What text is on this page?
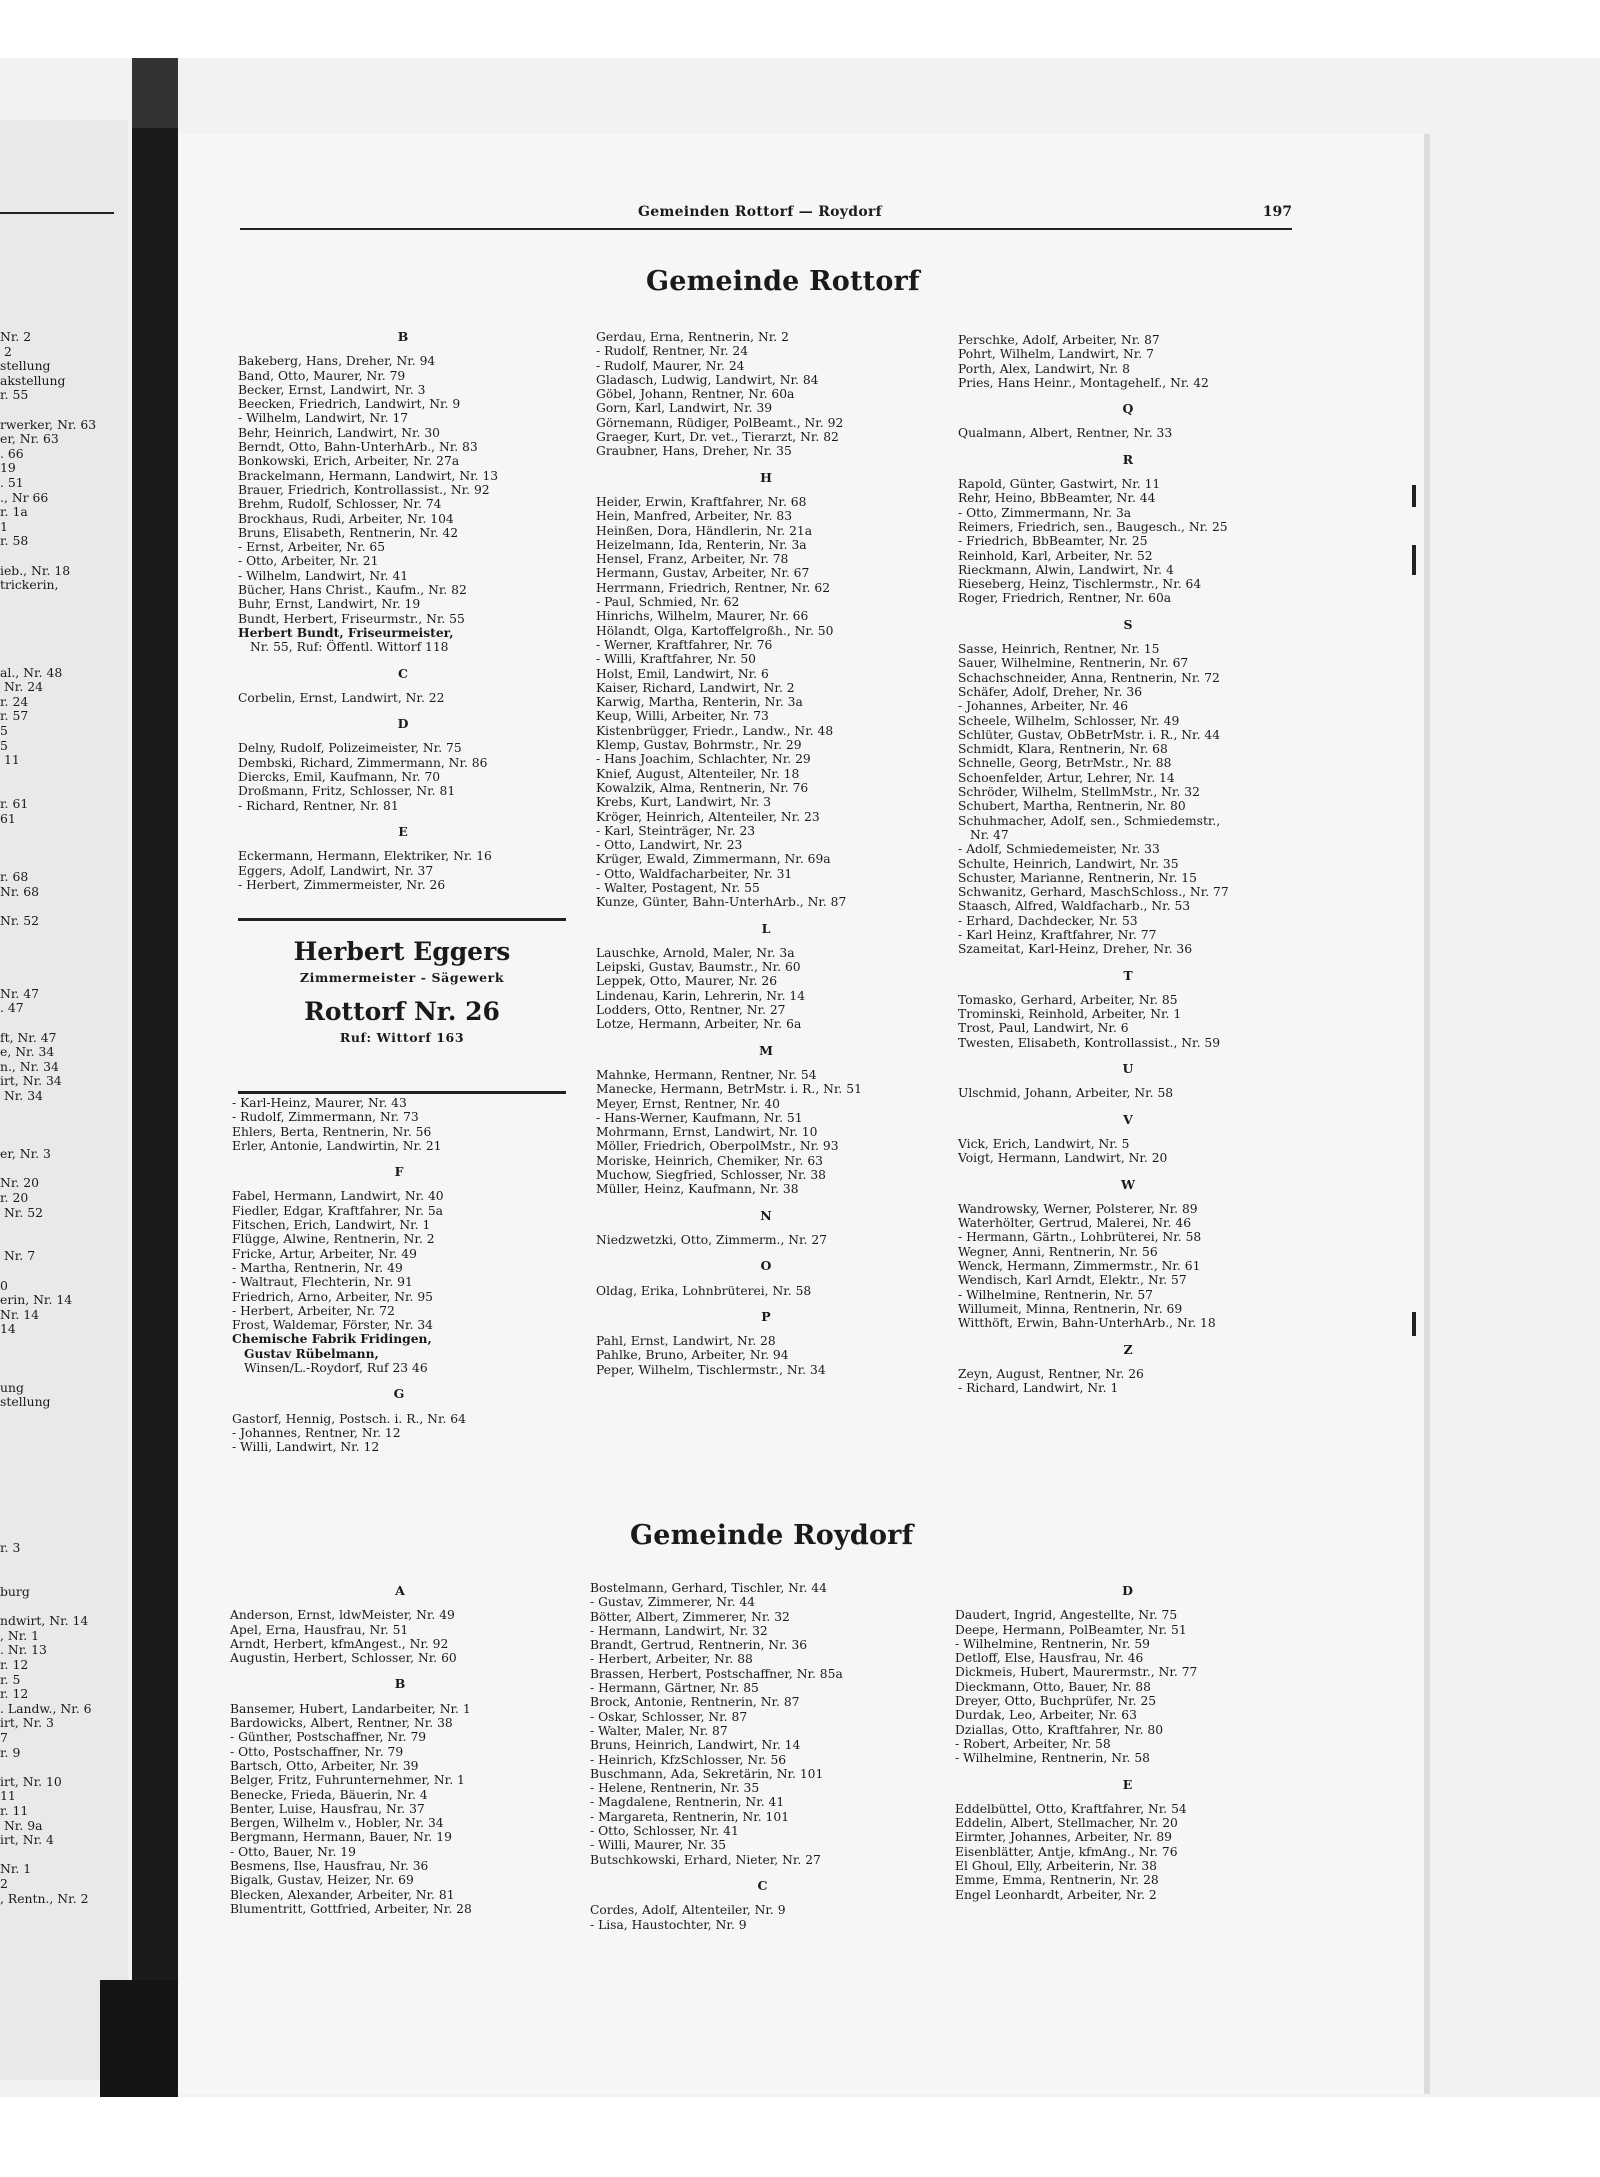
Nr. 2
2
stellung
akstellung
r. 55

rwerker, Nr. 63
er, Nr. 63
. 66
19
. 51
., Nr 66
r. 1a
1
r. 58

ieb., Nr. 18
trickerin,

al., Nr. 48
Nr. 24
r. 24
r. 57
5
5
11

r. 61
61

r. 68
Nr. 68

Nr. 52

Nr. 47
. 47

ft, Nr. 47
e, Nr. 34
n., Nr. 34
irt, Nr. 34
Nr. 34

er, Nr. 3

Nr. 20
r. 20
Nr. 52

Nr. 7

0
erin, Nr. 14
Nr. 14
14

ung
stellung

r. 3

burg

ndwirt, Nr. 14
, Nr. 1
. Nr. 13
r. 12
r. 5
r. 12
. Landw., Nr. 6
irt, Nr. 3
7
r. 9

irt, Nr. 10
11
r. 11
Nr. 9a
irt, Nr. 4

Nr. 1
2
, Rentn., Nr. 2
Gemeinden Rottorf — Roydorf	197
Gemeinde Rottorf
B
Bakeberg, Hans, Dreher, Nr. 94
Band, Otto, Maurer, Nr. 79
Becker, Ernst, Landwirt, Nr. 3
Beecken, Friedrich, Landwirt, Nr. 9
- Wilhelm, Landwirt, Nr. 17
Behr, Heinrich, Landwirt, Nr. 30
Berndt, Otto, Bahn-UnterhArb., Nr. 83
Bonkowski, Erich, Arbeiter, Nr. 27a
Brackelmann, Hermann, Landwirt, Nr. 13
Brauer, Friedrich, Kontrollassist., Nr. 92
Brehm, Rudolf, Schlosser, Nr. 74
Brockhaus, Rudi, Arbeiter, Nr. 104
Bruns, Elisabeth, Rentnerin, Nr. 42
- Ernst, Arbeiter, Nr. 65
- Otto, Arbeiter, Nr. 21
- Wilhelm, Landwirt, Nr. 41
Bücher, Hans Christ., Kaufm., Nr. 82
Buhr, Ernst, Landwirt, Nr. 19
Bundt, Herbert, Friseurmstr., Nr. 55
Herbert Bundt, Friseurmeister,
Nr. 55, Ruf: Öffentl. Wittorf 118
C
Corbelin, Ernst, Landwirt, Nr. 22
D
Delny, Rudolf, Polizeimeister, Nr. 75
Dembski, Richard, Zimmermann, Nr. 86
Diercks, Emil, Kaufmann, Nr. 70
Droßmann, Fritz, Schlosser, Nr. 81
- Richard, Rentner, Nr. 81
E
Eckermann, Hermann, Elektriker, Nr. 16
Eggers, Adolf, Landwirt, Nr. 37
- Herbert, Zimmermeister, Nr. 26
Herbert Eggers
Zimmermeister - Sägewerk
Rottorf Nr. 26
Ruf: Wittorf 163
- Karl-Heinz, Maurer, Nr. 43
- Rudolf, Zimmermann, Nr. 73
Ehlers, Berta, Rentnerin, Nr. 56
Erler, Antonie, Landwirtin, Nr. 21
F
Fabel, Hermann, Landwirt, Nr. 40
Fiedler, Edgar, Kraftfahrer, Nr. 5a
Fitschen, Erich, Landwirt, Nr. 1
Flügge, Alwine, Rentnerin, Nr. 2
Fricke, Artur, Arbeiter, Nr. 49
- Martha, Rentnerin, Nr. 49
- Waltraut, Flechterin, Nr. 91
Friedrich, Arno, Arbeiter, Nr. 95
- Herbert, Arbeiter, Nr. 72
Frost, Waldemar, Förster, Nr. 34
Chemische Fabrik Fridingen,
Gustav Rübelmann,
Winsen/L.-Roydorf, Ruf 23 46
G
Gastorf, Hennig, Postsch. i. R., Nr. 64
- Johannes, Rentner, Nr. 12
- Willi, Landwirt, Nr. 12
Gerdau, Erna, Rentnerin, Nr. 2
- Rudolf, Rentner, Nr. 24
- Rudolf, Maurer, Nr. 24
Gladasch, Ludwig, Landwirt, Nr. 84
Göbel, Johann, Rentner, Nr. 60a
Gorn, Karl, Landwirt, Nr. 39
Görnemann, Rüdiger, PolBeamt., Nr. 92
Graeger, Kurt, Dr. vet., Tierarzt, Nr. 82
Graubner, Hans, Dreher, Nr. 35
H
Heider, Erwin, Kraftfahrer, Nr. 68
Hein, Manfred, Arbeiter, Nr. 83
Heinßen, Dora, Händlerin, Nr. 21a
Heizelmann, Ida, Renterin, Nr. 3a
Hensel, Franz, Arbeiter, Nr. 78
Hermann, Gustav, Arbeiter, Nr. 67
Herrmann, Friedrich, Rentner, Nr. 62
- Paul, Schmied, Nr. 62
Hinrichs, Wilhelm, Maurer, Nr. 66
Hölandt, Olga, Kartoffelgroßh., Nr. 50
- Werner, Kraftfahrer, Nr. 76
- Willi, Kraftfahrer, Nr. 50
Holst, Emil, Landwirt, Nr. 6
Kaiser, Richard, Landwirt, Nr. 2
Karwig, Martha, Renterin, Nr. 3a
Keup, Willi, Arbeiter, Nr. 73
Kistenbrügger, Friedr., Landw., Nr. 48
Klemp, Gustav, Bohrmstr., Nr. 29
- Hans Joachim, Schlachter, Nr. 29
Knief, August, Altenteiler, Nr. 18
Kowalzik, Alma, Rentnerin, Nr. 76
Krebs, Kurt, Landwirt, Nr. 3
Kröger, Heinrich, Altenteiler, Nr. 23
- Karl, Steinträger, Nr. 23
- Otto, Landwirt, Nr. 23
Krüger, Ewald, Zimmermann, Nr. 69a
- Otto, Waldfacharbeiter, Nr. 31
- Walter, Postagent, Nr. 55
Kunze, Günter, Bahn-UnterhArb., Nr. 87
L
Lauschke, Arnold, Maler, Nr. 3a
Leipski, Gustav, Baumstr., Nr. 60
Leppek, Otto, Maurer, Nr. 26
Lindenau, Karin, Lehrerin, Nr. 14
Lodders, Otto, Rentner, Nr. 27
Lotze, Hermann, Arbeiter, Nr. 6a
M
Mahnke, Hermann, Rentner, Nr. 54
Manecke, Hermann, BetrMstr. i. R., Nr. 51
Meyer, Ernst, Rentner, Nr. 40
- Hans-Werner, Kaufmann, Nr. 51
Mohrmann, Ernst, Landwirt, Nr. 10
Möller, Friedrich, OberpolMstr., Nr. 93
Moriske, Heinrich, Chemiker, Nr. 63
Muchow, Siegfried, Schlosser, Nr. 38
Müller, Heinz, Kaufmann, Nr. 38
N
Niedzwetzki, Otto, Zimmerm., Nr. 27
O
Oldag, Erika, Lohnbrüterei, Nr. 58
P
Pahl, Ernst, Landwirt, Nr. 28
Pahlke, Bruno, Arbeiter, Nr. 94
Peper, Wilhelm, Tischlermstr., Nr. 34
Perschke, Adolf, Arbeiter, Nr. 87
Pohrt, Wilhelm, Landwirt, Nr. 7
Porth, Alex, Landwirt, Nr. 8
Pries, Hans Heinr., Montagehelf., Nr. 42
Q
Qualmann, Albert, Rentner, Nr. 33
R
Rapold, Günter, Gastwirt, Nr. 11
Rehr, Heino, BbBeamter, Nr. 44
- Otto, Zimmermann, Nr. 3a
Reimers, Friedrich, sen., Baugesch., Nr. 25
- Friedrich, BbBeamter, Nr. 25
Reinhold, Karl, Arbeiter, Nr. 52
Rieckmann, Alwin, Landwirt, Nr. 4
Rieseberg, Heinz, Tischlermstr., Nr. 64
Roger, Friedrich, Rentner, Nr. 60a
S
Sasse, Heinrich, Rentner, Nr. 15
Sauer, Wilhelmine, Rentnerin, Nr. 67
Schachschneider, Anna, Rentnerin, Nr. 72
Schäfer, Adolf, Dreher, Nr. 36
- Johannes, Arbeiter, Nr. 46
Scheele, Wilhelm, Schlosser, Nr. 49
Schlüter, Gustav, ObBetrMstr. i. R., Nr. 44
Schmidt, Klara, Rentnerin, Nr. 68
Schnelle, Georg, BetrMstr., Nr. 88
Schoenfelder, Artur, Lehrer, Nr. 14
Schröder, Wilhelm, StellmMstr., Nr. 32
Schubert, Martha, Rentnerin, Nr. 80
Schuhmacher, Adolf, sen., Schmiedemstr.,
Nr. 47
- Adolf, Schmiedemeister, Nr. 33
Schulte, Heinrich, Landwirt, Nr. 35
Schuster, Marianne, Rentnerin, Nr. 15
Schwanitz, Gerhard, MaschSchloss., Nr. 77
Staasch, Alfred, Waldfacharb., Nr. 53
- Erhard, Dachdecker, Nr. 53
- Karl Heinz, Kraftfahrer, Nr. 77
Szameitat, Karl-Heinz, Dreher, Nr. 36
T
Tomasko, Gerhard, Arbeiter, Nr. 85
Trominski, Reinhold, Arbeiter, Nr. 1
Trost, Paul, Landwirt, Nr. 6
Twesten, Elisabeth, Kontrollassist., Nr. 59
U
Ulschmid, Johann, Arbeiter, Nr. 58
V
Vick, Erich, Landwirt, Nr. 5
Voigt, Hermann, Landwirt, Nr. 20
W
Wandrowsky, Werner, Polsterer, Nr. 89
Waterhölter, Gertrud, Malerei, Nr. 46
- Hermann, Gärtn., Lohbrüterei, Nr. 58
Wegner, Anni, Rentnerin, Nr. 56
Wenck, Hermann, Zimmermstr., Nr. 61
Wendisch, Karl Arndt, Elektr., Nr. 57
- Wilhelmine, Rentnerin, Nr. 57
Willumeit, Minna, Rentnerin, Nr. 69
Witthöft, Erwin, Bahn-UnterhArb., Nr. 18
Z
Zeyn, August, Rentner, Nr. 26
- Richard, Landwirt, Nr. 1
Gemeinde Roydorf
A
Anderson, Ernst, ldwMeister, Nr. 49
Apel, Erna, Hausfrau, Nr. 51
Arndt, Herbert, kfmAngest., Nr. 92
Augustin, Herbert, Schlosser, Nr. 60
B
Bansemer, Hubert, Landarbeiter, Nr. 1
Bardowicks, Albert, Rentner, Nr. 38
- Günther, Postschaffner, Nr. 79
- Otto, Postschaffner, Nr. 79
Bartsch, Otto, Arbeiter, Nr. 39
Belger, Fritz, Fuhrunternehmer, Nr. 1
Benecke, Frieda, Bäuerin, Nr. 4
Benter, Luise, Hausfrau, Nr. 37
Bergen, Wilhelm v., Hobler, Nr. 34
Bergmann, Hermann, Bauer, Nr. 19
- Otto, Bauer, Nr. 19
Besmens, Ilse, Hausfrau, Nr. 36
Bigalk, Gustav, Heizer, Nr. 69
Blecken, Alexander, Arbeiter, Nr. 81
Blumentritt, Gottfried, Arbeiter, Nr. 28
Bostelmann, Gerhard, Tischler, Nr. 44
- Gustav, Zimmerer, Nr. 44
Bötter, Albert, Zimmerer, Nr. 32
- Hermann, Landwirt, Nr. 32
Brandt, Gertrud, Rentnerin, Nr. 36
- Herbert, Arbeiter, Nr. 88
Brassen, Herbert, Postschaffner, Nr. 85a
- Hermann, Gärtner, Nr. 85
Brock, Antonie, Rentnerin, Nr. 87
- Oskar, Schlosser, Nr. 87
- Walter, Maler, Nr. 87
Bruns, Heinrich, Landwirt, Nr. 14
- Heinrich, KfzSchlosser, Nr. 56
Buschmann, Ada, Sekretärin, Nr. 101
- Helene, Rentnerin, Nr. 35
- Magdalene, Rentnerin, Nr. 41
- Margareta, Rentnerin, Nr. 101
- Otto, Schlosser, Nr. 41
- Willi, Maurer, Nr. 35
Butschkowski, Erhard, Nieter, Nr. 27
C
Cordes, Adolf, Altenteiler, Nr. 9
- Lisa, Haustochter, Nr. 9
D
Daudert, Ingrid, Angestellte, Nr. 75
Deepe, Hermann, PolBeamter, Nr. 51
- Wilhelmine, Rentnerin, Nr. 59
Detloff, Else, Hausfrau, Nr. 46
Dickmeis, Hubert, Maurermstr., Nr. 77
Dieckmann, Otto, Bauer, Nr. 88
Dreyer, Otto, Buchprüfer, Nr. 25
Durdak, Leo, Arbeiter, Nr. 63
Dziallas, Otto, Kraftfahrer, Nr. 80
- Robert, Arbeiter, Nr. 58
- Wilhelmine, Rentnerin, Nr. 58
E
Eddelbüttel, Otto, Kraftfahrer, Nr. 54
Eddelin, Albert, Stellmacher, Nr. 20
Eirmter, Johannes, Arbeiter, Nr. 89
Eisenblätter, Antje, kfmAng., Nr. 76
El Ghoul, Elly, Arbeiterin, Nr. 38
Emme, Emma, Rentnerin, Nr. 28
Engel Leonhardt, Arbeiter, Nr. 2
